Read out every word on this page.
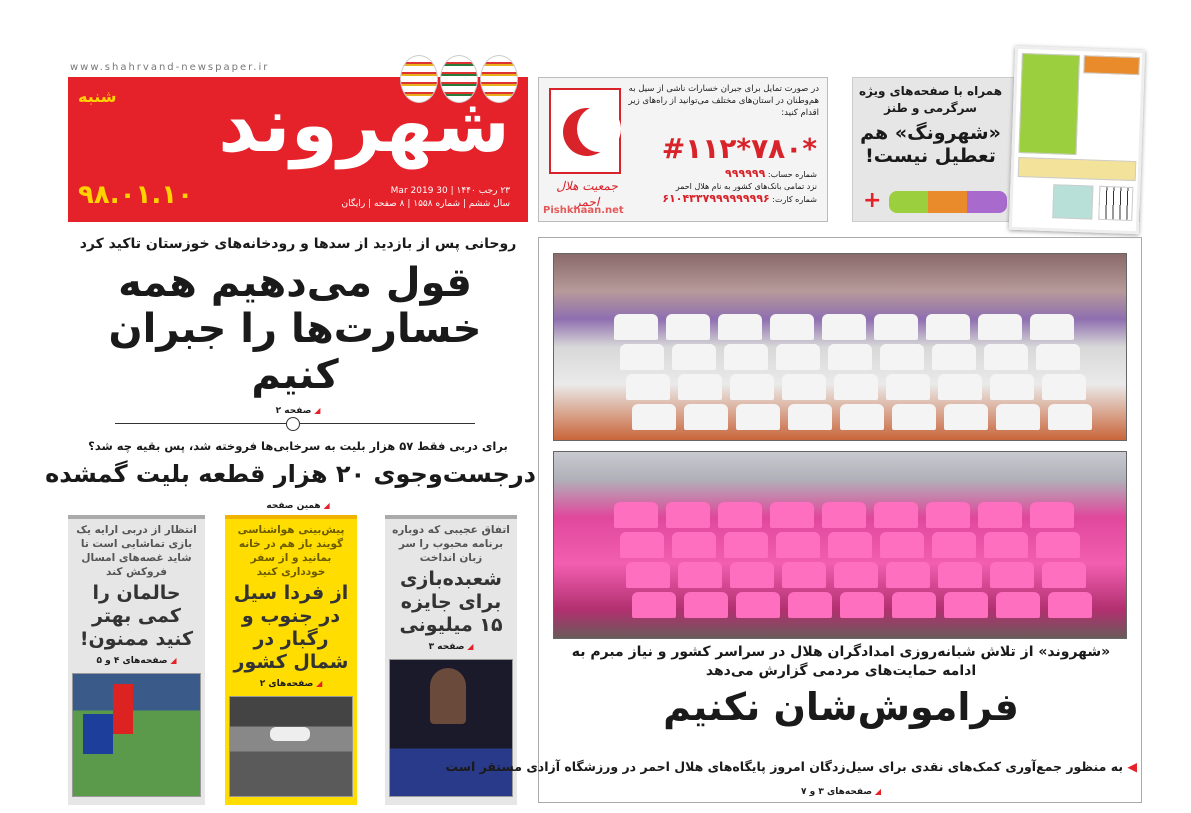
www.shahrvand-newspaper.ir
شهروند
شنبه
۹۸.۰۱.۱۰	۲۳ رجب ۱۴۴۰ | 30 Mar 2019
سال ششم | شماره ۱۵۵۸ | ۸ صفحه | رایگان
جمعیت هلال احمر
در صورت تمایل برای جبران خسارات ناشی از سیل به هم‌وطنان در استان‌های مختلف می‌توانید از راه‌های زیر اقدام کنید:
#۱۱۲*۷۸۰*
Pishkhaan.net
شماره حساب: ۹۹۹۹۹۹
نزد تمامی بانک‌های کشور به نام هلال احمر
شماره کارت: ۶۱۰۴۳۳۷۹۹۹۹۹۹۹۹۶
همراه با صفحه‌های ویژه سرگرمی و طنز
«شهرونگ» هم تعطیل نیست!
+
روحانی پس از بازدید از سدها و رودخانه‌های خوزستان تاکید کرد
قول می‌دهیم همه خسارت‌ها را جبران کنیم
◢ صفحه ۲
برای دربی فقط ۵۷ هزار بلیت به سرخابی‌ها فروخته شد، پس بقیه چه شد؟
درجست‌وجوی ۲۰ هزار قطعه بلیت گمشده
◢ همین صفحه
انتظار از دربی ارایه یک بازی تماشایی است تا شاید غصه‌های امسال فروکش کند
حالمان را کمی بهتر کنید ممنون!
◢ صفحه‌های ۴ و ۵
پیش‌بینی هواشناسی گویند باز هم در خانه بمانید و از سفر خودداری کنید
از فردا سیل در جنوب و رگبار در شمال کشور
◢ صفحه‌های ۲
اتفاق عجیبی که دوباره برنامه محبوب را سر زبان انداخت
شعبده‌بازی برای جایزه ۱۵ میلیونی
◢ صفحه ۳	«شهروند» از تلاش شبانه‌روزی امدادگران هلال در سراسر کشور و نیاز مبرم به ادامه حمایت‌های مردمی گزارش می‌دهد
فراموش‌شان نکنیم
◀ به منظور جمع‌آوری کمک‌های نقدی برای سیل‌زدگان امروز پایگاه‌های هلال احمر در ورزشگاه آزادی مستقر است
◢ صفحه‌های ۳ و ۷
